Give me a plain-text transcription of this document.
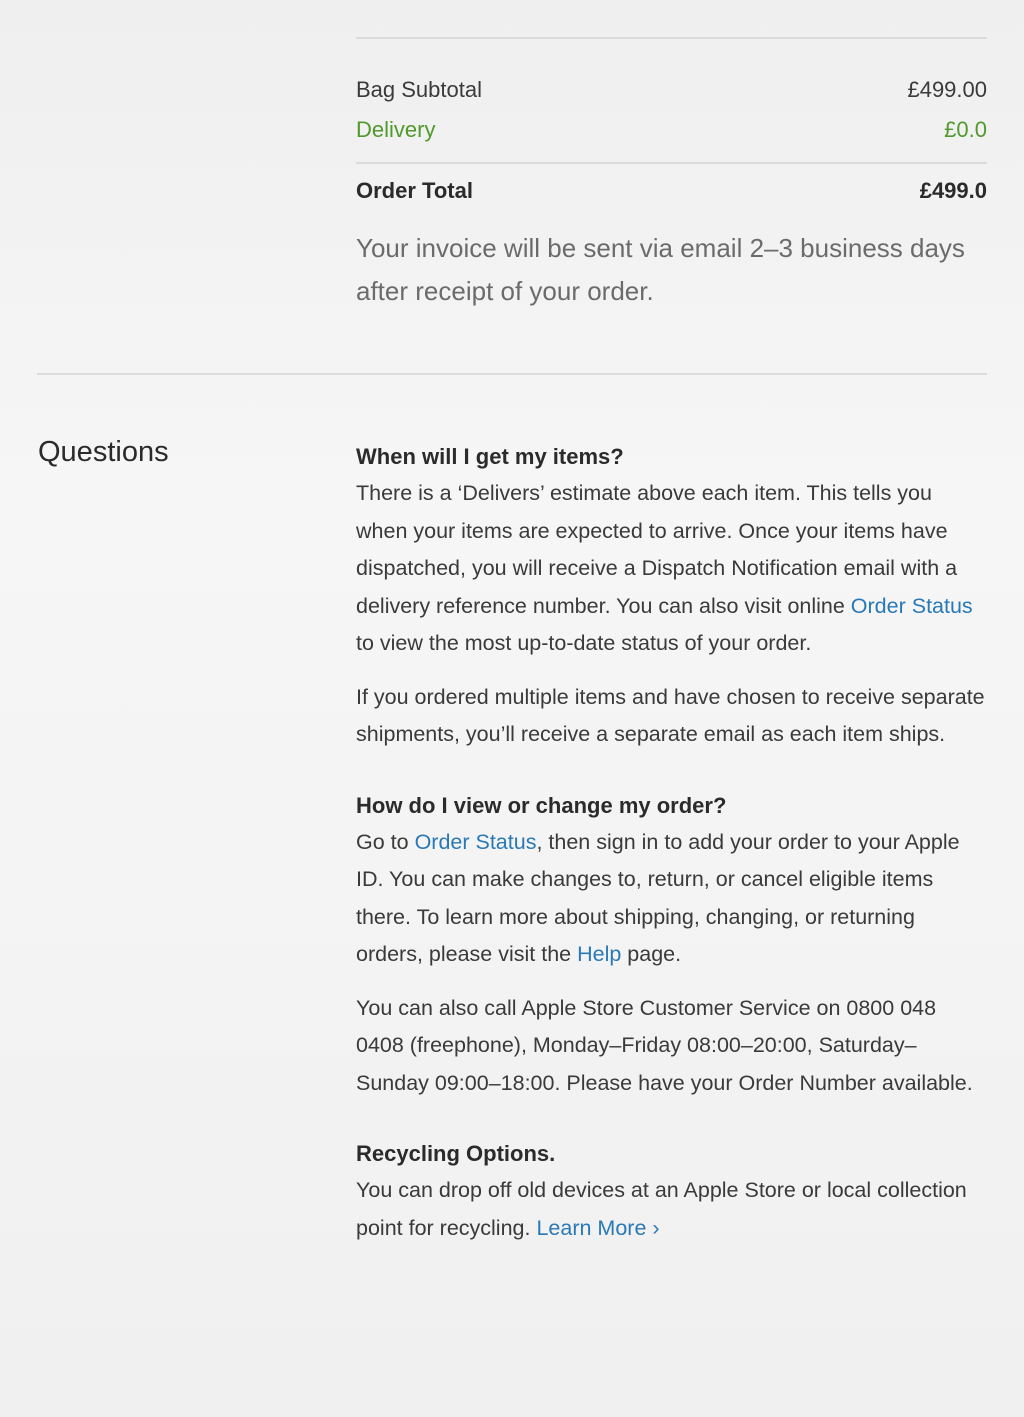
Bag Subtotal	£499.00
Delivery	£0.0
Order Total	£499.0
Your invoice will be sent via email 2–3 business days after receipt of your order.
Questions	When will I get my items?

There is a ‘Delivers’ estimate above each item. This tells you when your items are expected to arrive. Once your items have dispatched, you will receive a Dispatch Notification email with a delivery reference number. You can also visit online Order Status to view the most up-to-date status of your order.

If you ordered multiple items and have chosen to receive separate shipments, you’ll receive a separate email as each item ships.

How do I view or change my order?

Go to Order Status, then sign in to add your order to your Apple ID. You can make changes to, return, or cancel eligible items there. To learn more about shipping, changing, or returning orders, please visit the Help page.

You can also call Apple Store Customer Service on 0800 048 0408 (freephone), Monday–Friday 08:00–20:00, Saturday–Sunday 09:00–18:00. Please have your Order Number available.

Recycling Options.

You can drop off old devices at an Apple Store or local collection point for recycling. Learn More ›
